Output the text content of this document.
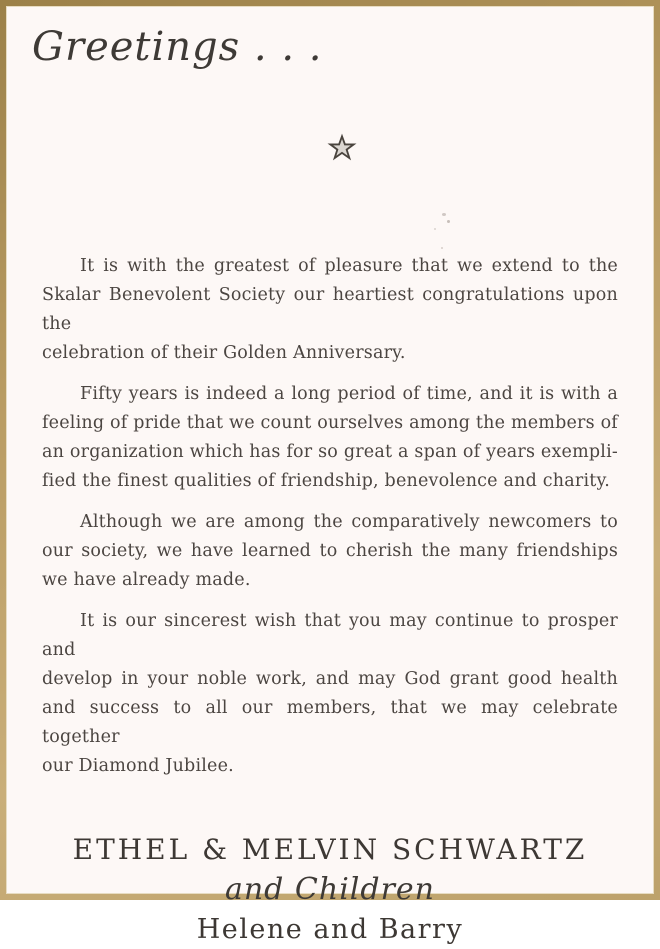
Greetings . . .

It is with the greatest of pleasure that we extend to the
Skalar Benevolent Society our heartiest congratulations upon the
celebration of their Golden Anniversary.

Fifty years is indeed a long period of time, and it is with a
feeling of pride that we count ourselves among the members of
an organization which has for so great a span of years exempli-
fied the finest qualities of friendship, benevolence and charity.

Although we are among the comparatively newcomers to
our society, we have learned to cherish the many friendships
we have already made.

It is our sincerest wish that you may continue to prosper and
develop in your noble work, and may God grant good health
and success to all our members, that we may celebrate together
our Diamond Jubilee.

ETHEL & MELVIN SCHWARTZ
and Children
Helene and Barry
